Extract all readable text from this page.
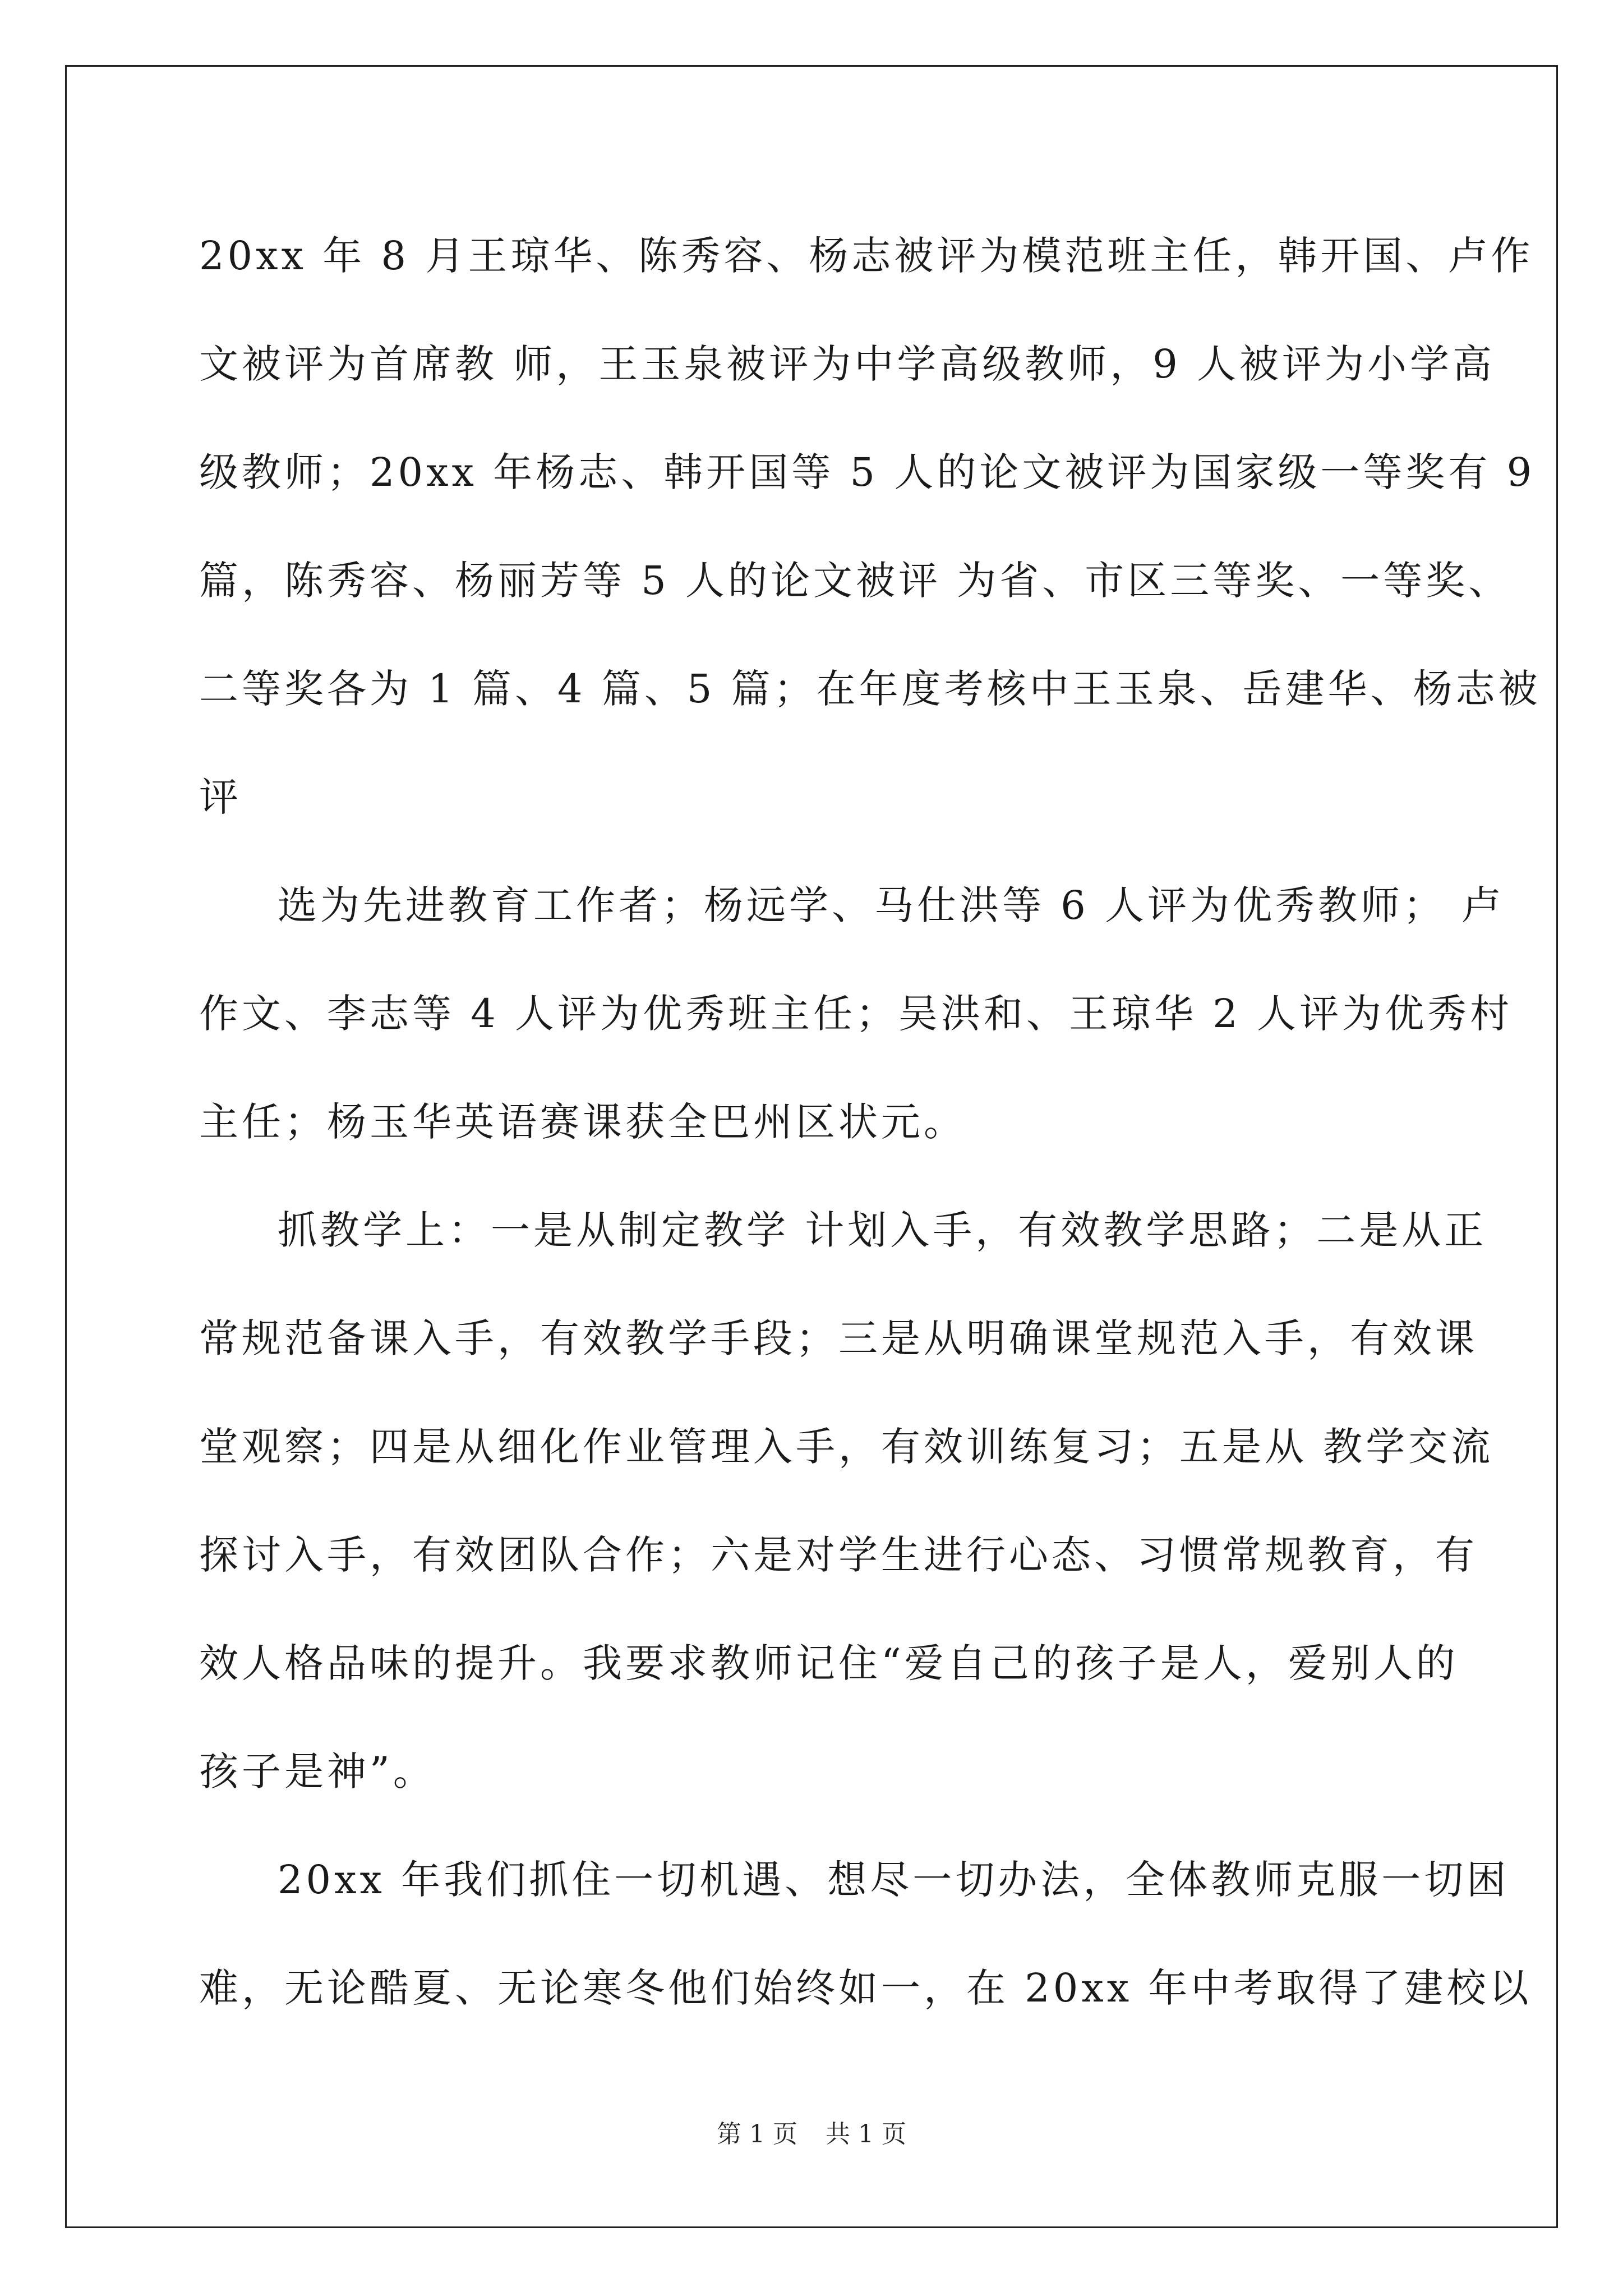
20xx 年 8 月王琼华、陈秀容、杨志被评为模范班主任，韩开国、卢作
文被评为首席教 师，王玉泉被评为中学高级教师，9 人被评为小学高
级教师；20xx 年杨志、韩开国等 5 人的论文被评为国家级一等奖有 9
篇，陈秀容、杨丽芳等 5 人的论文被评 为省、市区三等奖、一等奖、
二等奖各为 1 篇、4 篇、5 篇；在年度考核中王玉泉、岳建华、杨志被
评
选为先进教育工作者；杨远学、马仕洪等 6 人评为优秀教师； 卢
作文、李志等 4 人评为优秀班主任；吴洪和、王琼华 2 人评为优秀村
主任；杨玉华英语赛课获全巴州区状元。
抓教学上：一是从制定教学 计划入手，有效教学思路；二是从正
常规范备课入手，有效教学手段；三是从明确课堂规范入手，有效课
堂观察；四是从细化作业管理入手，有效训练复习；五是从 教学交流
探讨入手，有效团队合作；六是对学生进行心态、习惯常规教育，有
效人格品味的提升。我要求教师记住“爱自己的孩子是人，爱别人的
孩子是神”。
20xx 年我们抓住一切机遇、想尽一切办法，全体教师克服一切困
难，无论酷夏、无论寒冬他们始终如一，在 20xx 年中考取得了建校以
第 1 页 共 1 页
